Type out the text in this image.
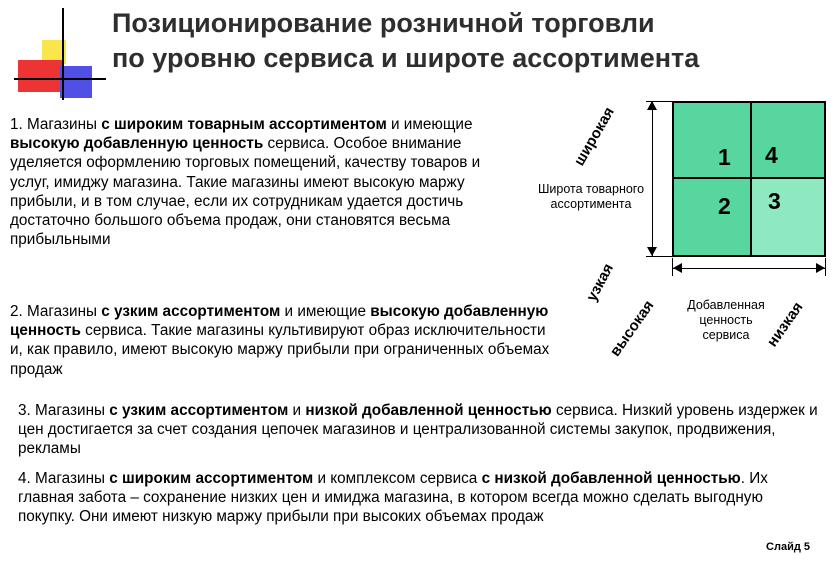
Позиционирование розничной торговли
по уровню сервиса и широте ассортимента
1. Магазины с широким товарным ассортиментом и имеющие высокую добавленную ценность сервиса. Особое внимание уделяется оформлению торговых помещений, качеству товаров и услуг, имиджу магазина. Такие магазины имеют высокую маржу прибыли, и в том случае, если их сотрудникам удается достичь достаточно большого объема продаж, они становятся весьма прибыльными
2. Магазины с узким ассортиментом и имеющие высокую добавленную ценность сервиса. Такие магазины культивируют образ исключительности и, как правило, имеют высокую маржу прибыли при ограниченных объемах продаж
3. Магазины с узким ассортиментом и низкой добавленной ценностью сервиса. Низкий уровень издержек и цен достигается за счет создания цепочек магазинов и централизованной системы закупок, продвижения, рекламы
4. Магазины с широким ассортиментом и комплексом сервиса с низкой добавленной ценностью. Их главная забота – сохранение низких цен и имиджа магазина, в котором всегда можно сделать выгодную покупку. Они имеют низкую маржу прибыли при высоких объемах продаж
1 4
2 3
Широта товарного ассортимента
Добавленная ценность сервиса
широкая
узкая
высокая	низкая
Слайд 5
